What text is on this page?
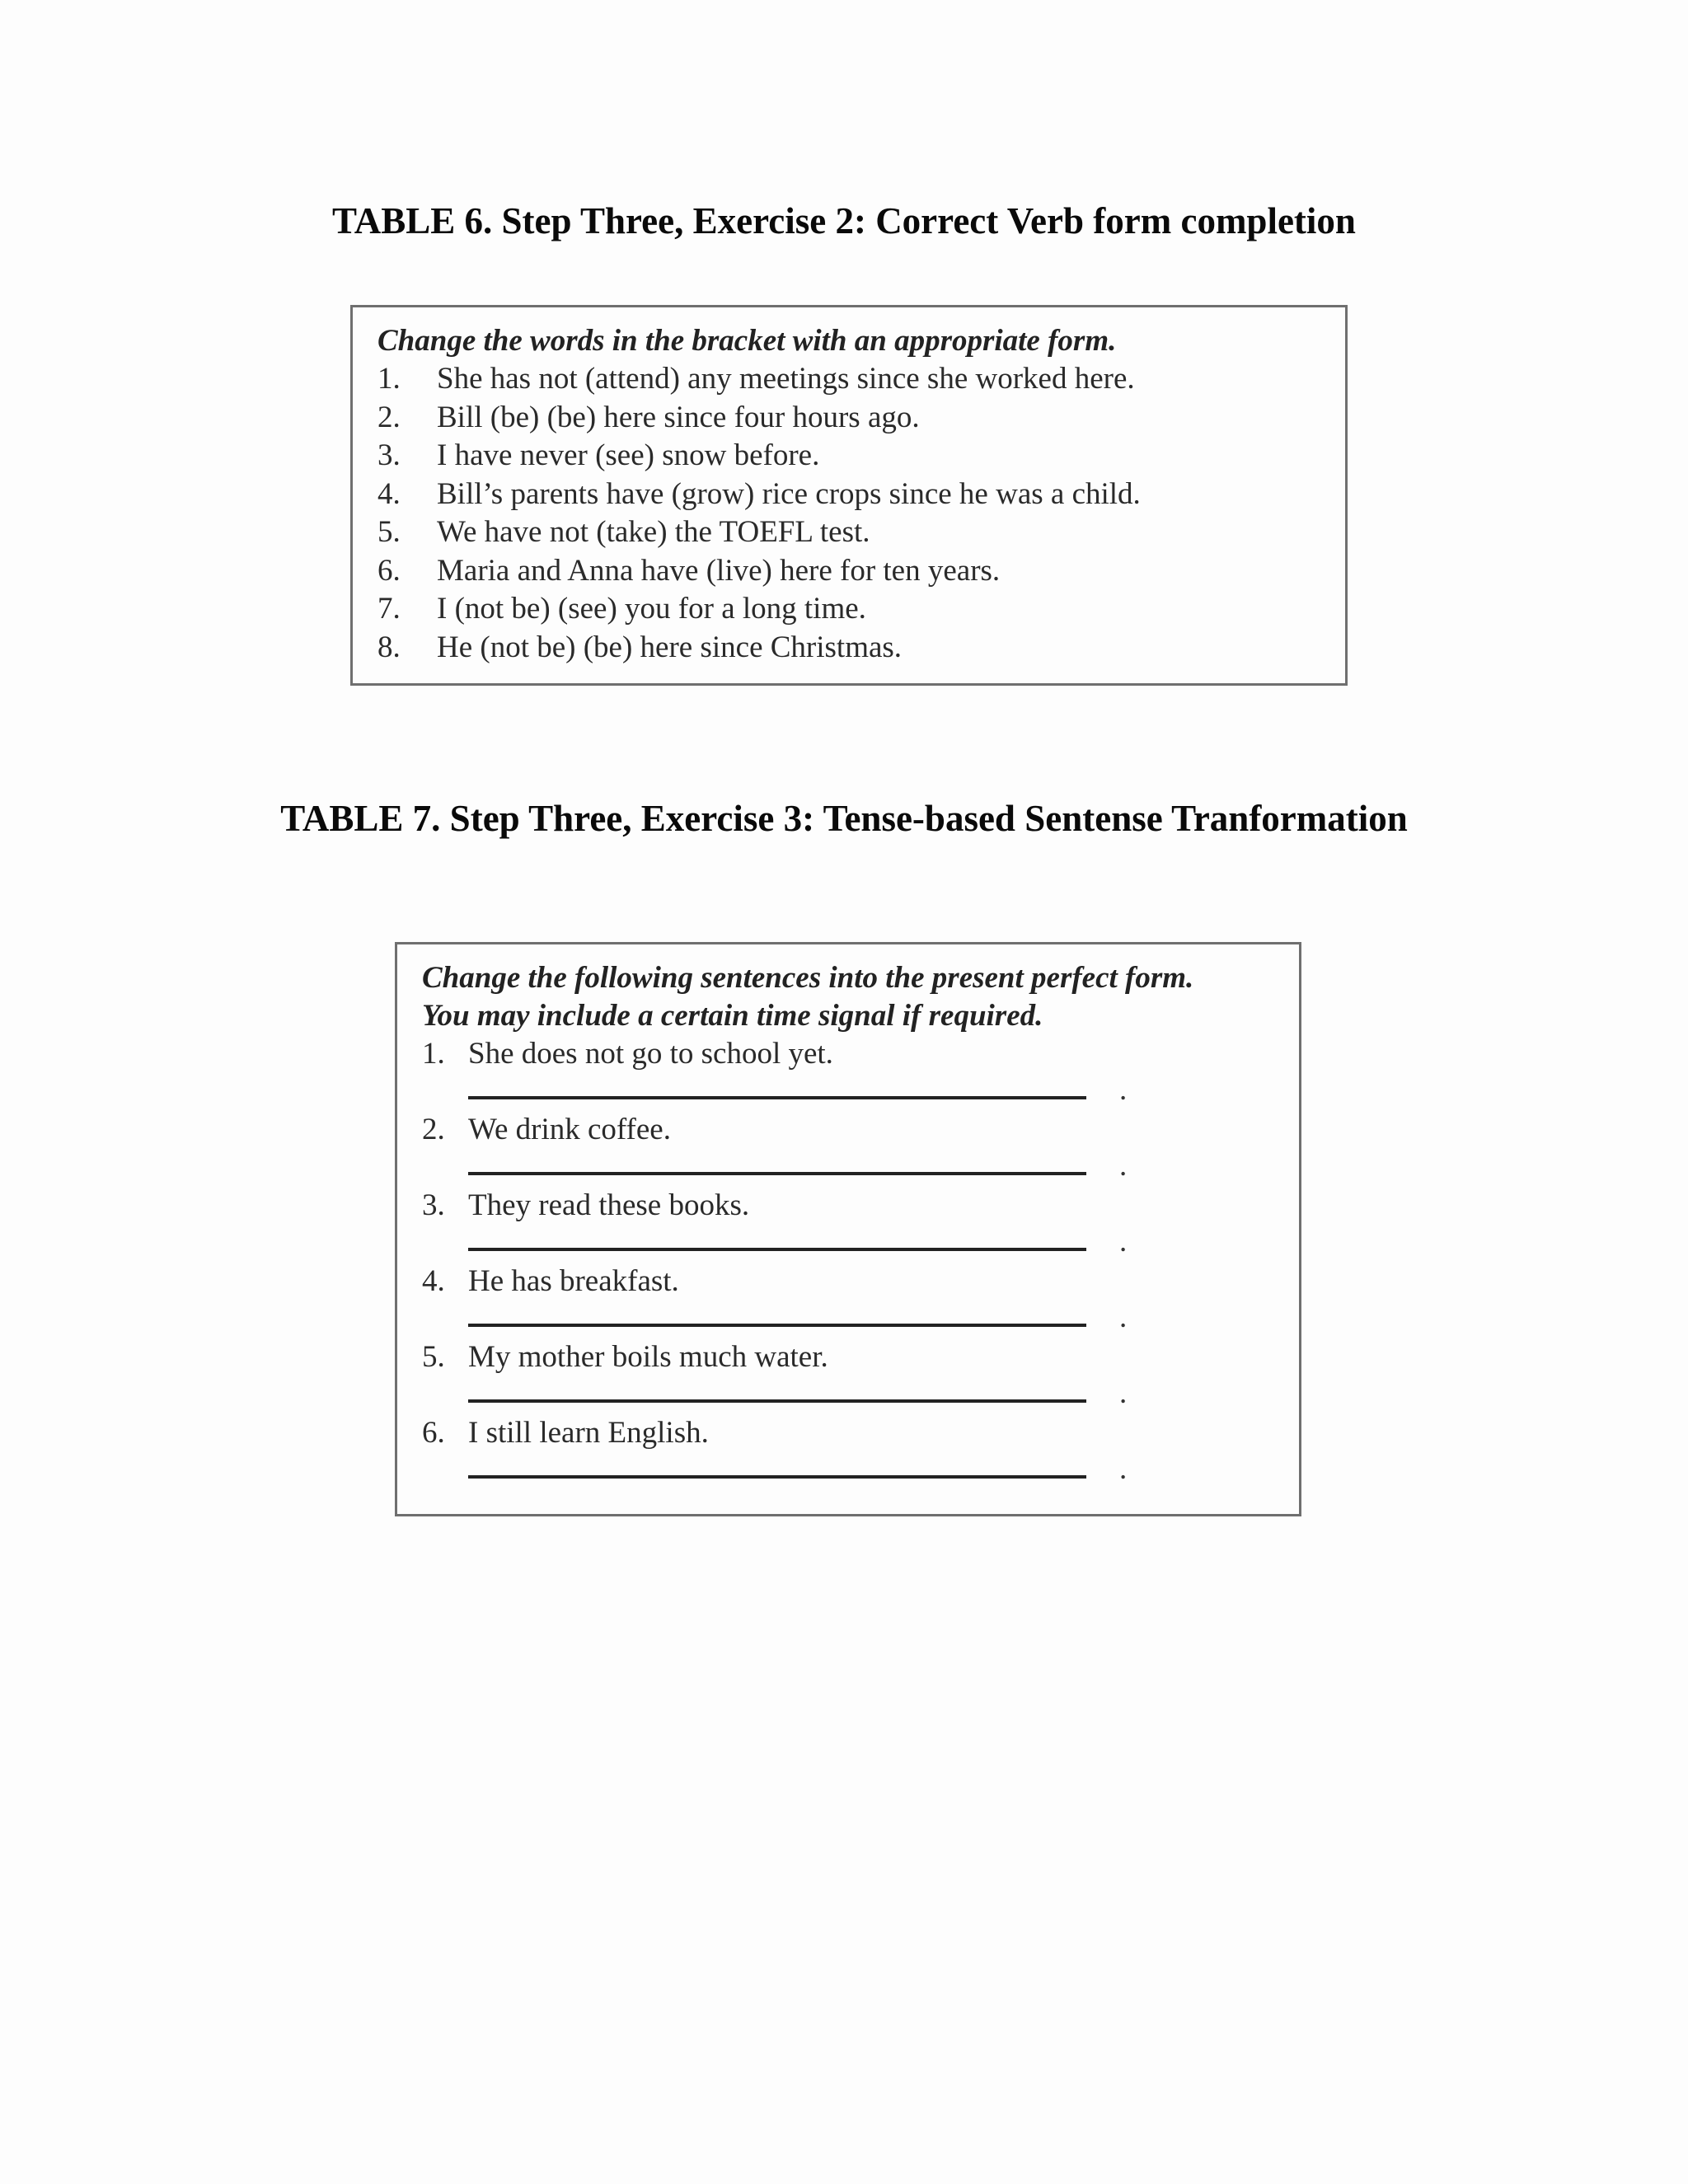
TABLE 6. Step Three, Exercise 2: Correct Verb form completion
Change the words in the bracket with an appropriate form.
1.	She has not (attend) any meetings since she worked here.
2.	Bill (be) (be) here since four hours ago.
3.	I have never (see) snow before.
4.	Bill’s parents have (grow) rice crops since he was a child.
5.	We have not (take) the TOEFL test.
6.	Maria and Anna have (live) here for ten years.
7.	I (not be) (see) you for a long time.
8.	He (not be) (be) here since Christmas.
TABLE 7. Step Three, Exercise 3: Tense-based Sentense Tranformation
Change the following sentences into the present perfect form.
You may include a certain time signal if required.
1. She does not go to school yet.
.
2. We drink coffee.
.
3. They read these books.
.
4. He has breakfast.
.
5. My mother boils much water.
.
6. I still learn English.
.
